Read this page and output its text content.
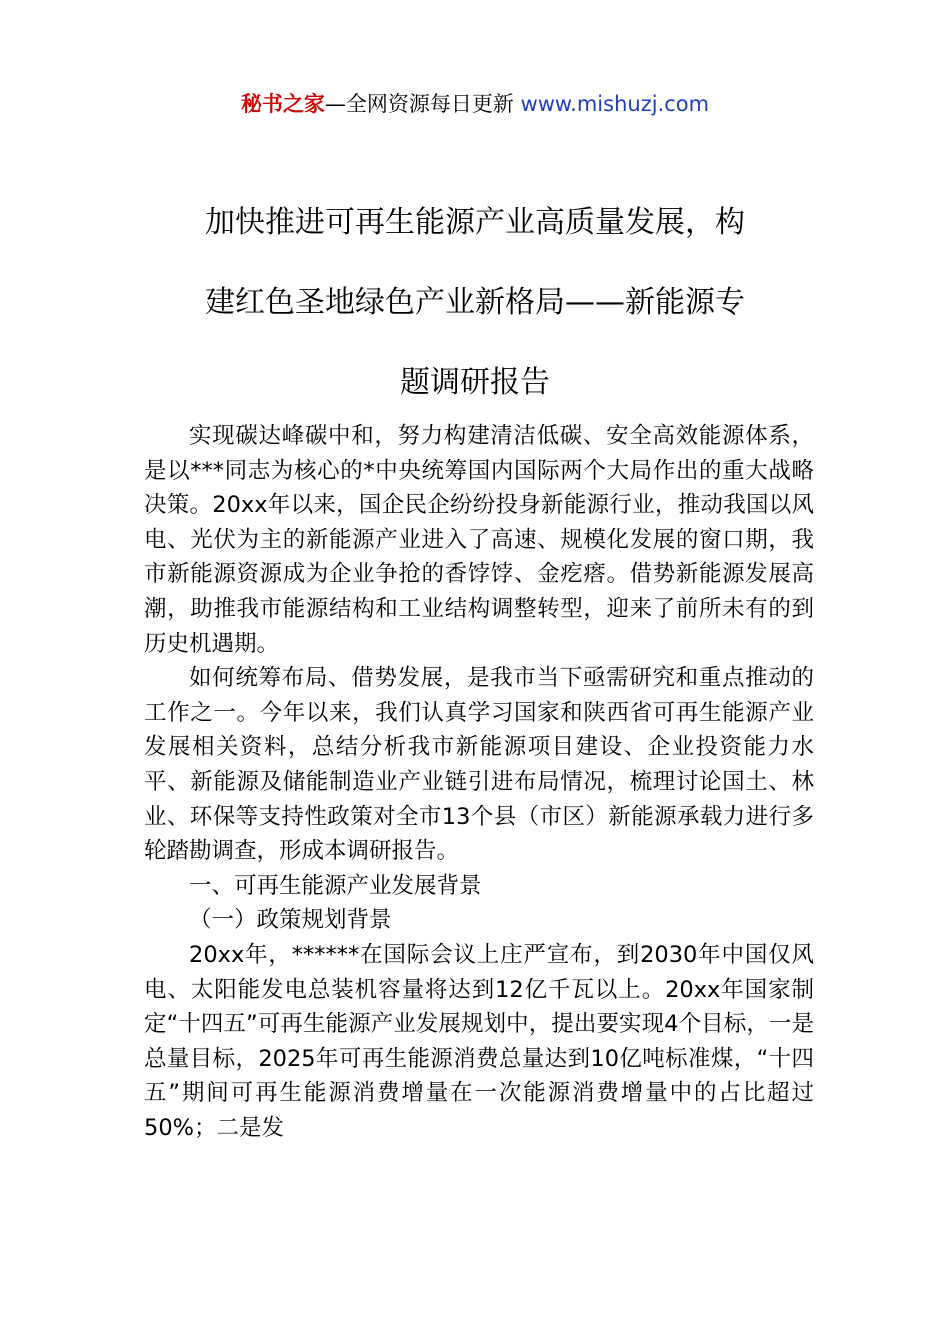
秘书之家—全网资源每日更新 www.mishuzj.com
加快推进可再生能源产业高质量发展，构
建红色圣地绿色产业新格局——新能源专
题调研报告

实现碳达峰碳中和，努力构建清洁低碳、安全高效能源体系，是以***同志为核心的*中央统筹国内国际两个大局作出的重大战略决策。20xx年以来，国企民企纷纷投身新能源行业，推动我国以风电、光伏为主的新能源产业进入了高速、规模化发展的窗口期，我市新能源资源成为企业争抢的香饽饽、金疙瘩。借势新能源发展高潮，助推我市能源结构和工业结构调整转型，迎来了前所未有的到历史机遇期。

如何统筹布局、借势发展，是我市当下亟需研究和重点推动的工作之一。今年以来，我们认真学习国家和陕西省可再生能源产业发展相关资料，总结分析我市新能源项目建设、企业投资能力水平、新能源及储能制造业产业链引进布局情况，梳理讨论国土、林业、环保等支持性政策对全市13个县（市区）新能源承载力进行多轮踏勘调查，形成本调研报告。

一、可再生能源产业发展背景

（一）政策规划背景

20xx年，******在国际会议上庄严宣布，到2030年中国仅风电、太阳能发电总装机容量将达到12亿千瓦以上。20xx年国家制定“十四五”可再生能源产业发展规划中，提出要实现4个目标，一是总量目标，2025年可再生能源消费总量达到10亿吨标准煤，“十四五”期间可再生能源消费增量在一次能源消费增量中的占比超过50%；二是发
